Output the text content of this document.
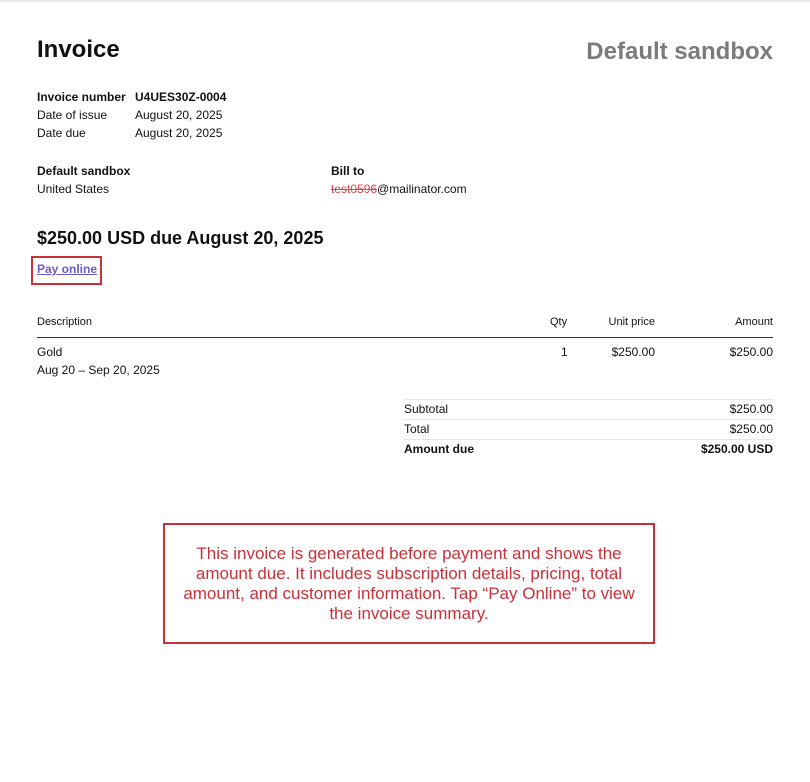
Invoice	Default sandbox
Invoice number U4UES30Z-0004
Date of issue	August 20, 2025
Date due	August 20, 2025
Default sandbox
United States
Bill to
test0596@mailinator.com
$250.00 USD due August 20, 2025
Pay online
Description	Qty	Unit price	Amount
Gold
Aug 20 – Sep 20, 2025
1	$250.00	$250.00
Subtotal	$250.00
Total	$250.00
Amount due	$250.00 USD
This invoice is generated before payment and shows the amount due. It includes subscription details, pricing, total amount, and customer information. Tap “Pay Online” to view the invoice summary.
